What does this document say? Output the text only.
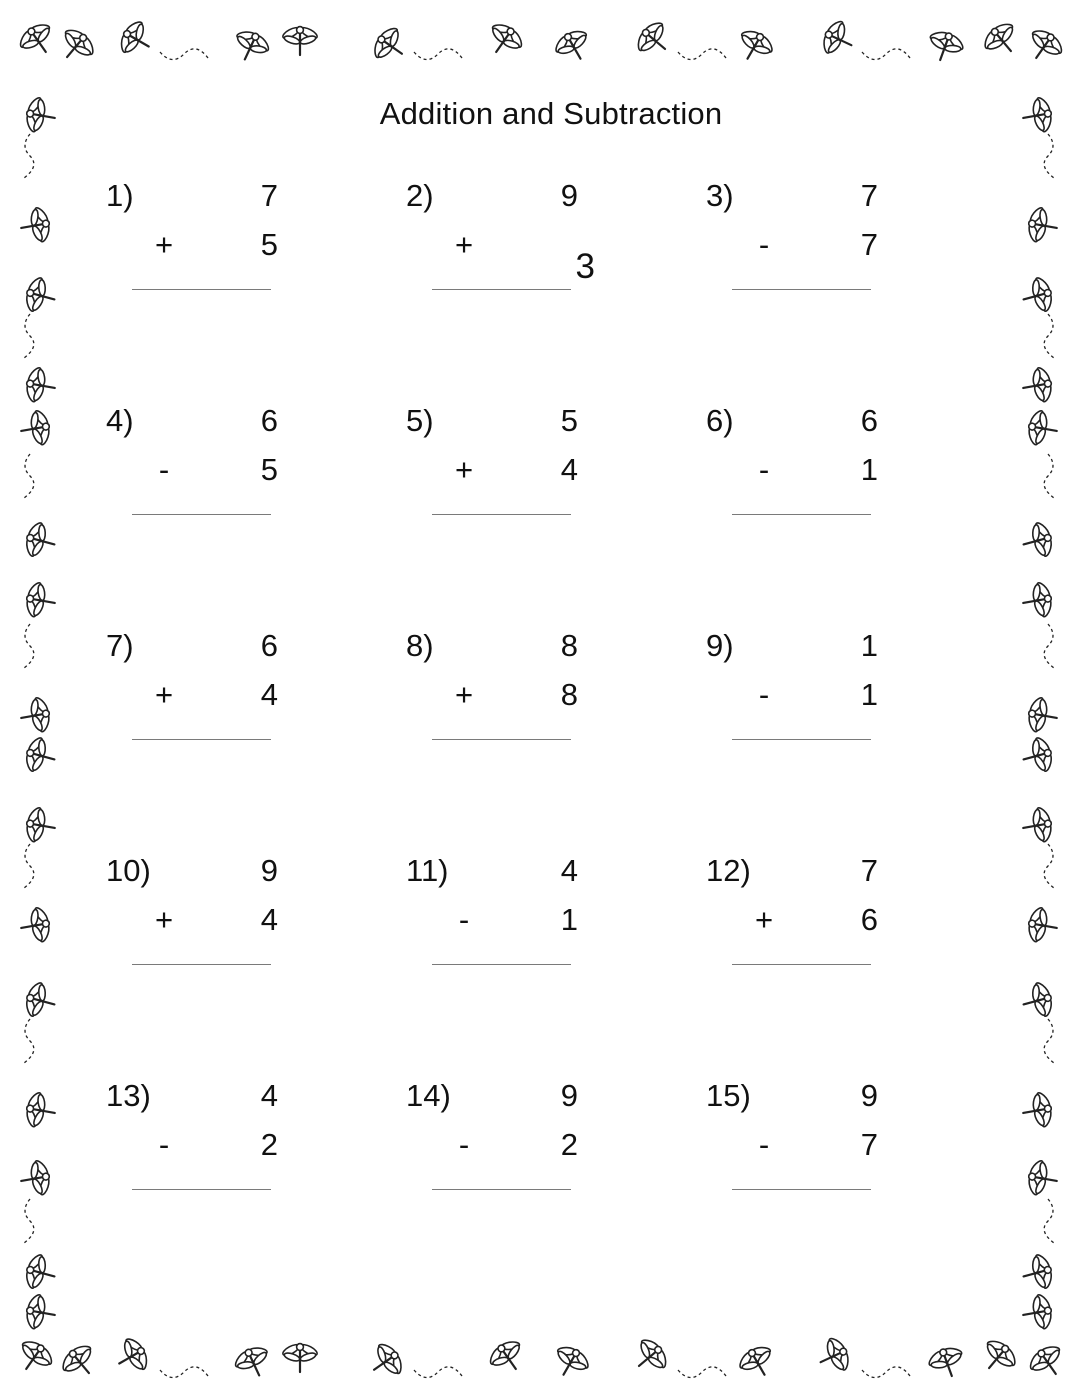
Addition and Subtraction
1)	7
+	5
2)	9
+
3
3)	7
-	7
4)	6
-	5
5)	5
+	4
6)	6
-	1
7)	6
+	4
8)	8
+	8
9)	1
-	1
10)	9
+	4
11)	4
-	1
12)	7
+	6
13)	4
-	2
14)	9
-	2
15)	9
-	7
